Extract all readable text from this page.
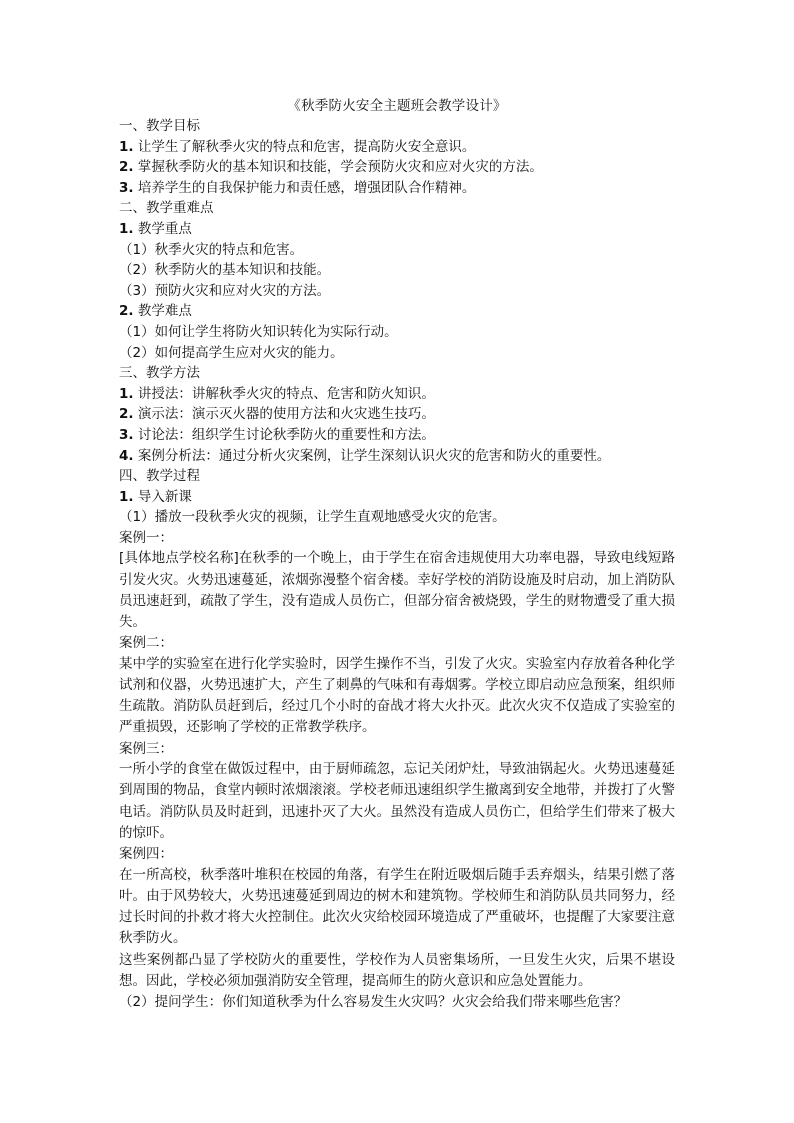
《秋季防火安全主题班会教学设计》
一、教学目标
1. 让学生了解秋季火灾的特点和危害，提高防火安全意识。
2. 掌握秋季防火的基本知识和技能，学会预防火灾和应对火灾的方法。
3. 培养学生的自我保护能力和责任感，增强团队合作精神。
二、教学重难点
1. 教学重点
（1）秋季火灾的特点和危害。
（2）秋季防火的基本知识和技能。
（3）预防火灾和应对火灾的方法。
2. 教学难点
（1）如何让学生将防火知识转化为实际行动。
（2）如何提高学生应对火灾的能力。
三、教学方法
1. 讲授法：讲解秋季火灾的特点、危害和防火知识。
2. 演示法：演示灭火器的使用方法和火灾逃生技巧。
3. 讨论法：组织学生讨论秋季防火的重要性和方法。
4. 案例分析法：通过分析火灾案例，让学生深刻认识火灾的危害和防火的重要性。
四、教学过程
1. 导入新课
（1）播放一段秋季火灾的视频，让学生直观地感受火灾的危害。
案例一：
[具体地点学校名称]在秋季的一个晚上，由于学生在宿舍违规使用大功率电器，导致电线短路引发火灾。火势迅速蔓延，浓烟弥漫整个宿舍楼。幸好学校的消防设施及时启动，加上消防队员迅速赶到，疏散了学生，没有造成人员伤亡，但部分宿舍被烧毁，学生的财物遭受了重大损失。
案例二：
某中学的实验室在进行化学实验时，因学生操作不当，引发了火灾。实验室内存放着各种化学试剂和仪器，火势迅速扩大，产生了刺鼻的气味和有毒烟雾。学校立即启动应急预案，组织师生疏散。消防队员赶到后，经过几个小时的奋战才将大火扑灭。此次火灾不仅造成了实验室的严重损毁，还影响了学校的正常教学秩序。
案例三：
一所小学的食堂在做饭过程中，由于厨师疏忽，忘记关闭炉灶，导致油锅起火。火势迅速蔓延到周围的物品，食堂内顿时浓烟滚滚。学校老师迅速组织学生撤离到安全地带，并拨打了火警电话。消防队员及时赶到，迅速扑灭了大火。虽然没有造成人员伤亡，但给学生们带来了极大的惊吓。
案例四：
在一所高校，秋季落叶堆积在校园的角落，有学生在附近吸烟后随手丢弃烟头，结果引燃了落叶。由于风势较大，火势迅速蔓延到周边的树木和建筑物。学校师生和消防队员共同努力，经过长时间的扑救才将大火控制住。此次火灾给校园环境造成了严重破坏，也提醒了大家要注意秋季防火。
这些案例都凸显了学校防火的重要性，学校作为人员密集场所，一旦发生火灾，后果不堪设想。因此，学校必须加强消防安全管理，提高师生的防火意识和应急处置能力。
（2）提问学生：你们知道秋季为什么容易发生火灾吗？火灾会给我们带来哪些危害？
